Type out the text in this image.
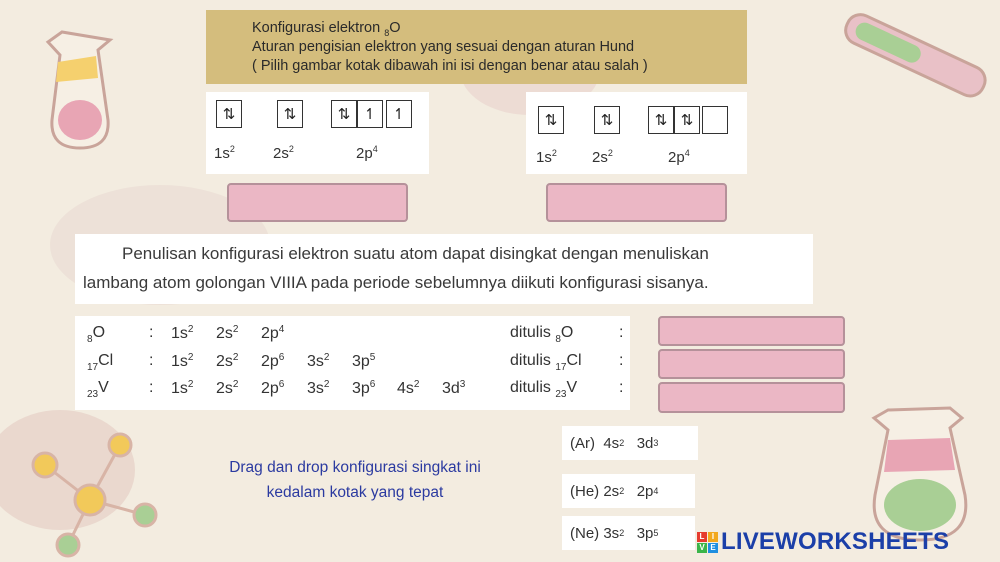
Konfigurasi elektron $_8$O
Aturan pengisian elektron yang sesuai dengan aturan Hund
( Pilih gambar kotak dibawah ini isi dengan benar atau salah )
⇅	⇅	⇅ ↿	↿
$1s^2$	$2s^2$	$2p^4$
⇅	⇅	⇅ ⇅
$1s^2$ $2s^2$	$2p^4$
Penulisan konfigurasi elektron suatu atom dapat disingkat dengan menuliskan
lambang atom golongan VIIIA pada periode sebelumnya diikuti konfigurasi sisanya.
$_8$O	: $1s^2$ $2s^2$ $2p^4$	ditulis $_8$O	:
$_{17}$Cl : $1s^2$ $2s^2$ $2p^6$ $3s^2$ $3p^5$	ditulis $_{17}$Cl :
$_{23}$V	: $1s^2$ $2s^2$ $2p^6$ $3s^2$ $3p^6$ $4s^2$ $3d^3$	ditulis $_{23}$V	:
Drag dan drop konfigurasi singkat ini
kedalam kotak yang tepat
(Ar)
4s 2
3d 3
(He)
2s 2
2p 4
(Ne)
3s 2
3p 5	L I
V E LIVEWORKSHEETS
